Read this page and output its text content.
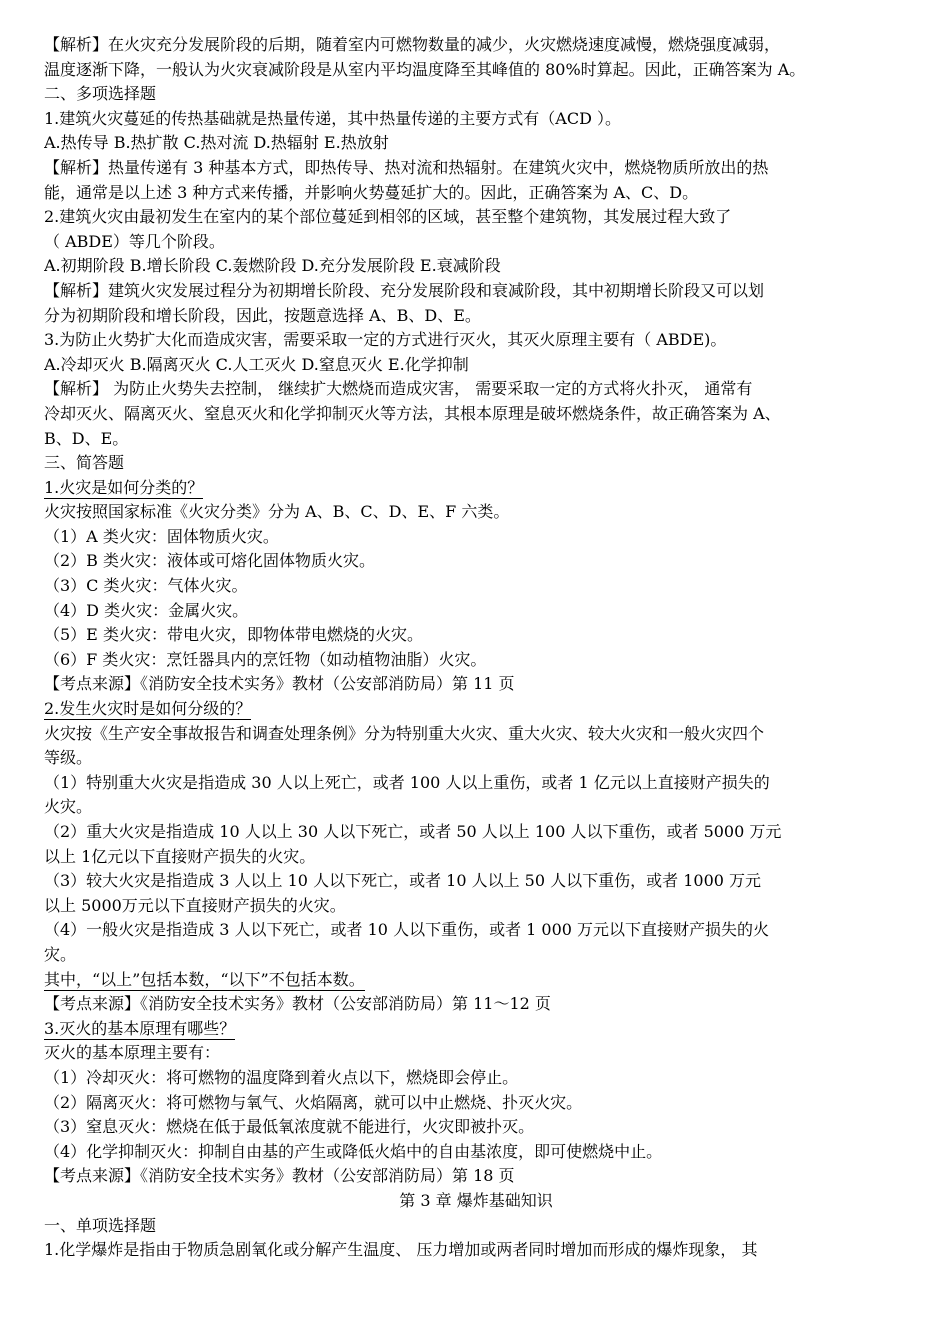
【解析】在火灾充分发展阶段的后期，随着室内可燃物数量的减少，火灾燃烧速度减慢，燃烧强度减弱，
温度逐渐下降，一般认为火灾衰减阶段是从室内平均温度降至其峰值的 80%时算起。因此，正确答案为 A。
二、多项选择题
1.建筑火灾蔓延的传热基础就是热量传递，其中热量传递的主要方式有（ACD ）。
A.热传导 B.热扩散 C.热对流 D.热辐射 E.热放射
【解析】热量传递有 3 种基本方式，即热传导、热对流和热辐射。在建筑火灾中，燃烧物质所放出的热
能，通常是以上述 3 种方式来传播，并影响火势蔓延扩大的。因此，正确答案为 A、C、D。
2.建筑火灾由最初发生在室内的某个部位蔓延到相邻的区域，甚至整个建筑物，其发展过程大致了
（ ABDE）等几个阶段。
A.初期阶段 B.增长阶段 C.轰燃阶段 D.充分发展阶段 E.衰减阶段
【解析】建筑火灾发展过程分为初期增长阶段、充分发展阶段和衰减阶段，其中初期增长阶段又可以划
分为初期阶段和增长阶段，因此，按题意选择 A、B、D、E。
3.为防止火势扩大化而造成灾害，需要采取一定的方式进行灭火，其灭火原理主要有（ ABDE)。
A.冷却灭火 B.隔离灭火 C.人工灭火 D.窒息灭火 E.化学抑制
【解析】 为防止火势失去控制， 继续扩大燃烧而造成灾害， 需要采取一定的方式将火扑灭， 通常有
冷却灭火、隔离灭火、窒息灭火和化学抑制灭火等方法，其根本原理是破坏燃烧条件，故正确答案为 A、
B、D、E。
三、简答题
1.火灾是如何分类的？
火灾按照国家标准《火灾分类》分为 A、B、C、D、E、F 六类。
（1）A 类火灾：固体物质火灾。
（2）B 类火灾：液体或可熔化固体物质火灾。
（3）C 类火灾：气体火灾。
（4）D 类火灾：金属火灾。
（5）E 类火灾：带电火灾，即物体带电燃烧的火灾。
（6）F 类火灾：烹饪器具内的烹饪物（如动植物油脂）火灾。
【考点来源】《消防安全技术实务》教材（公安部消防局）第 11 页
2.发生火灾时是如何分级的？
火灾按《生产安全事故报告和调查处理条例》分为特别重大火灾、重大火灾、较大火灾和一般火灾四个
等级。
（1）特别重大火灾是指造成 30 人以上死亡，或者 100 人以上重伤，或者 1 亿元以上直接财产损失的
火灾。
（2）重大火灾是指造成 10 人以上 30 人以下死亡，或者 50 人以上 100 人以下重伤，或者 5000 万元
以上 1亿元以下直接财产损失的火灾。
（3）较大火灾是指造成 3 人以上 10 人以下死亡，或者 10 人以上 50 人以下重伤，或者 1000 万元
以上 5000万元以下直接财产损失的火灾。
（4）一般火灾是指造成 3 人以下死亡，或者 10 人以下重伤，或者 1 000 万元以下直接财产损失的火
灾。
其中，“以上”包括本数，“以下”不包括本数。
【考点来源】《消防安全技术实务》教材（公安部消防局）第 11～12 页
3.灭火的基本原理有哪些？
灭火的基本原理主要有：
（1）冷却灭火：将可燃物的温度降到着火点以下，燃烧即会停止。
（2）隔离灭火：将可燃物与氧气、火焰隔离，就可以中止燃烧、扑灭火灾。
（3）窒息灭火：燃烧在低于最低氧浓度就不能进行，火灾即被扑灭。
（4）化学抑制灭火：抑制自由基的产生或降低火焰中的自由基浓度，即可使燃烧中止。
【考点来源】《消防安全技术实务》教材（公安部消防局）第 18 页
第 3 章 爆炸基础知识
一、单项选择题
1.化学爆炸是指由于物质急剧氧化或分解产生温度、 压力增加或两者同时增加而形成的爆炸现象， 其
